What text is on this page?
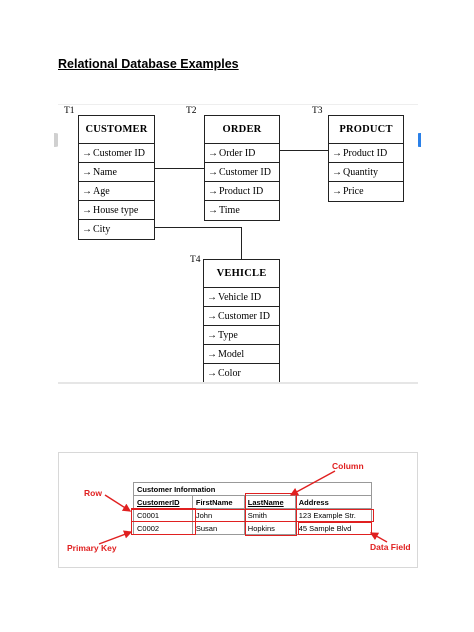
Relational Database Examples
T1
CUSTOMER
→ Customer ID
→ Name
→ Age
→ House type
→ City
T2
ORDER
→ Order ID
→ Customer ID
→ Product ID
→ Time
T3
PRODUCT
→ Product ID
→ Quantity
→ Price
T4
VEHICLE
→ Vehicle ID
→ Customer ID
→ Type
→ Model
→ Color
Customer Information			
CustomerID	FirstName	LastName	Address
C0001	John	Smith	123 Example Str.
C0002	Susan	Hopkins	45 Sample Blvd
Column
Row
Primary Key	Data Field
